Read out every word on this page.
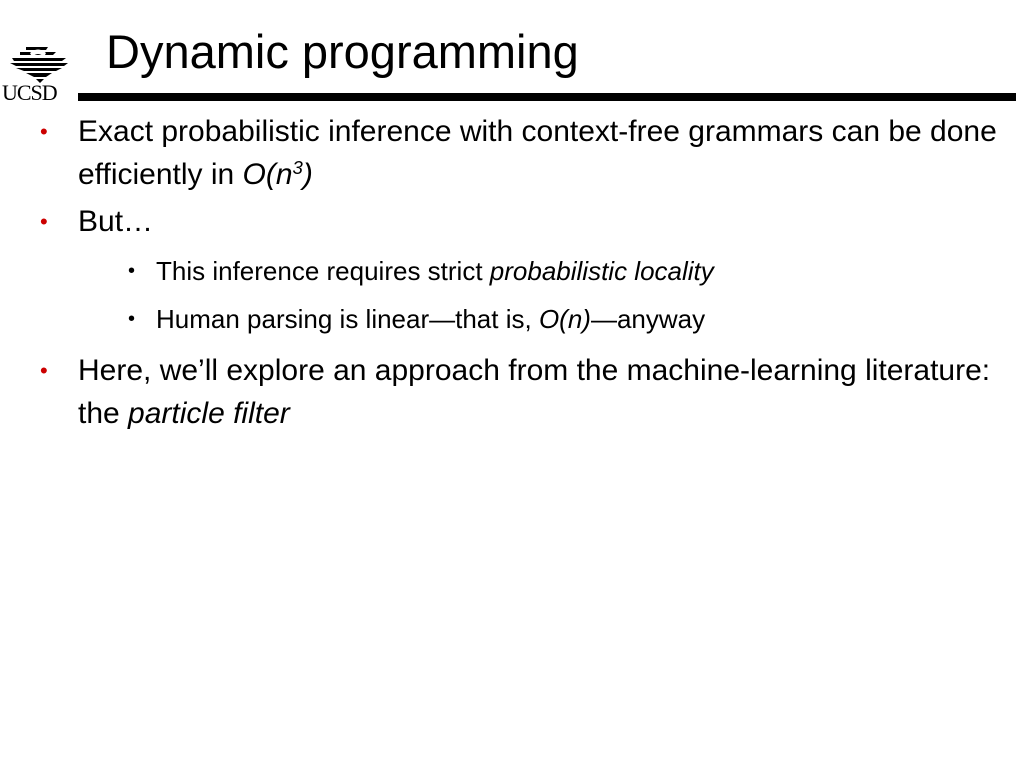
UCSD
Dynamic programming
• Exact probabilistic inference with context-free grammars can be done efficiently in $O(n^3)$
• But…
• This inference requires strict probabilistic locality
• Human parsing is linear—that is, O(n)—anyway
• Here, we’ll explore an approach from the machine-learning literature: the particle filter
